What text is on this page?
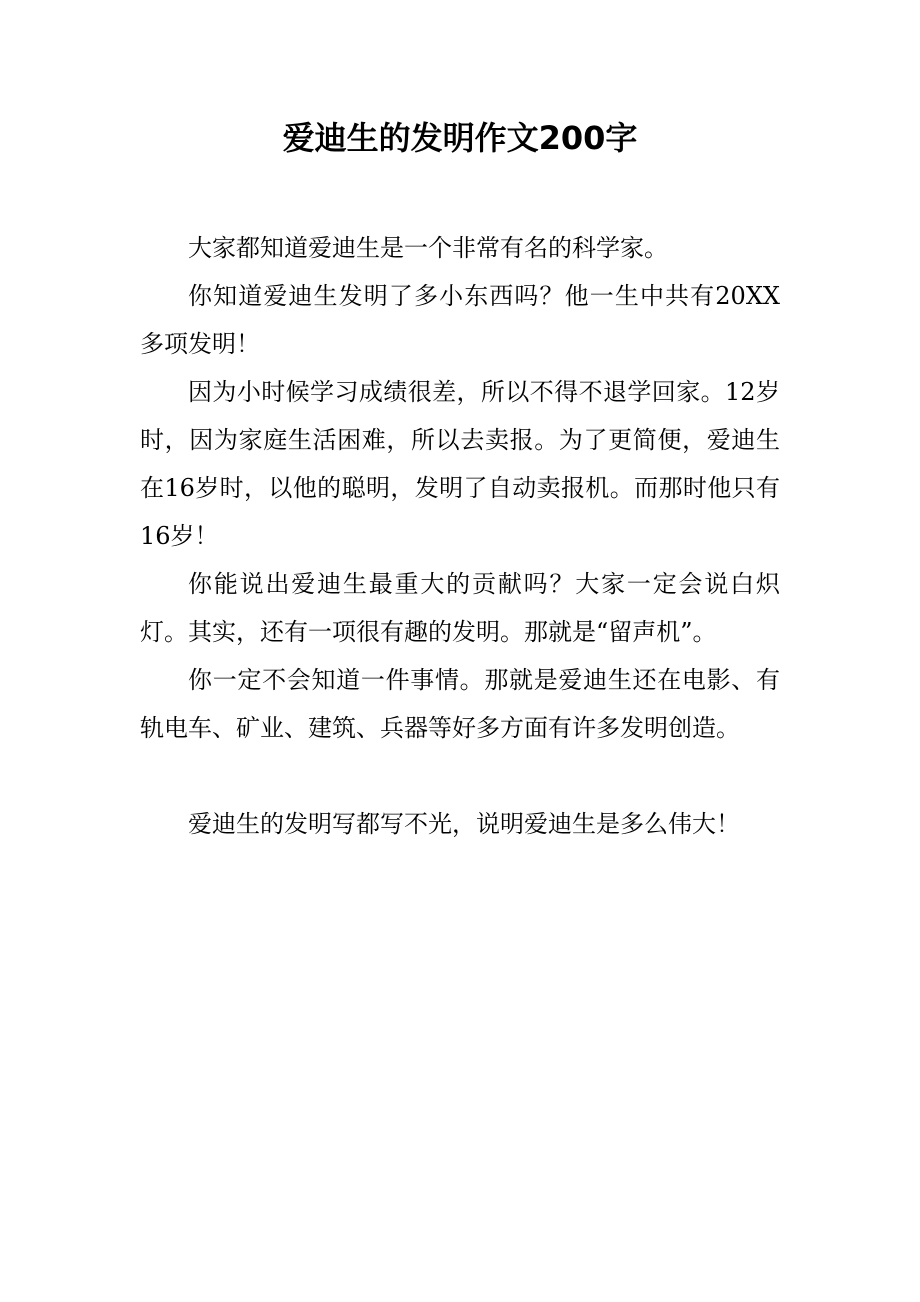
爱迪生的发明作文200字

大家都知道爱迪生是一个非常有名的科学家。

你知道爱迪生发明了多小东西吗？他一生中共有20XX多项发明！

因为小时候学习成绩很差，所以不得不退学回家。12岁时，因为家庭生活困难，所以去卖报。为了更简便，爱迪生在16岁时，以他的聪明，发明了自动卖报机。而那时他只有16岁！

你能说出爱迪生最重大的贡献吗？大家一定会说白炽灯。其实，还有一项很有趣的发明。那就是“留声机”。

你一定不会知道一件事情。那就是爱迪生还在电影、有轨电车、矿业、建筑、兵器等好多方面有许多发明创造。

爱迪生的发明写都写不光，说明爱迪生是多么伟大！
